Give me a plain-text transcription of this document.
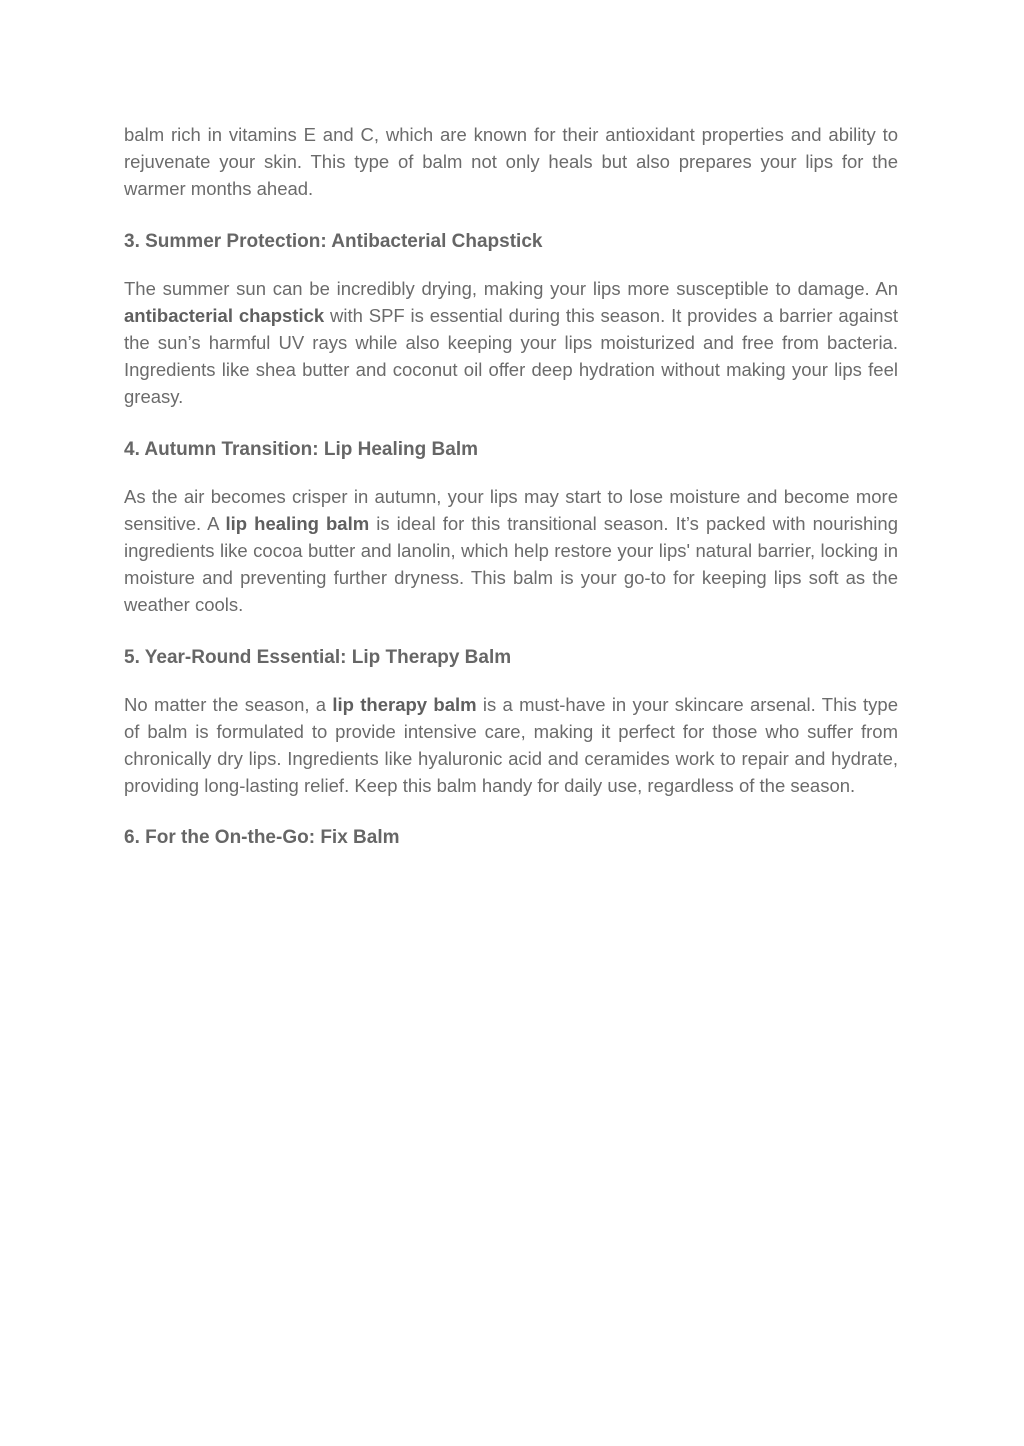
balm rich in vitamins E and C, which are known for their antioxidant properties and ability to rejuvenate your skin. This type of balm not only heals but also prepares your lips for the warmer months ahead.

3. Summer Protection: Antibacterial Chapstick

The summer sun can be incredibly drying, making your lips more susceptible to damage. An antibacterial chapstick with SPF is essential during this season. It provides a barrier against the sun’s harmful UV rays while also keeping your lips moisturized and free from bacteria. Ingredients like shea butter and coconut oil offer deep hydration without making your lips feel greasy.

4. Autumn Transition: Lip Healing Balm

As the air becomes crisper in autumn, your lips may start to lose moisture and become more sensitive. A lip healing balm is ideal for this transitional season. It’s packed with nourishing ingredients like cocoa butter and lanolin, which help restore your lips' natural barrier, locking in moisture and preventing further dryness. This balm is your go-to for keeping lips soft as the weather cools.

5. Year-Round Essential: Lip Therapy Balm

No matter the season, a lip therapy balm is a must-have in your skincare arsenal. This type of balm is formulated to provide intensive care, making it perfect for those who suffer from chronically dry lips. Ingredients like hyaluronic acid and ceramides work to repair and hydrate, providing long-lasting relief. Keep this balm handy for daily use, regardless of the season.

6. For the On-the-Go: Fix Balm
